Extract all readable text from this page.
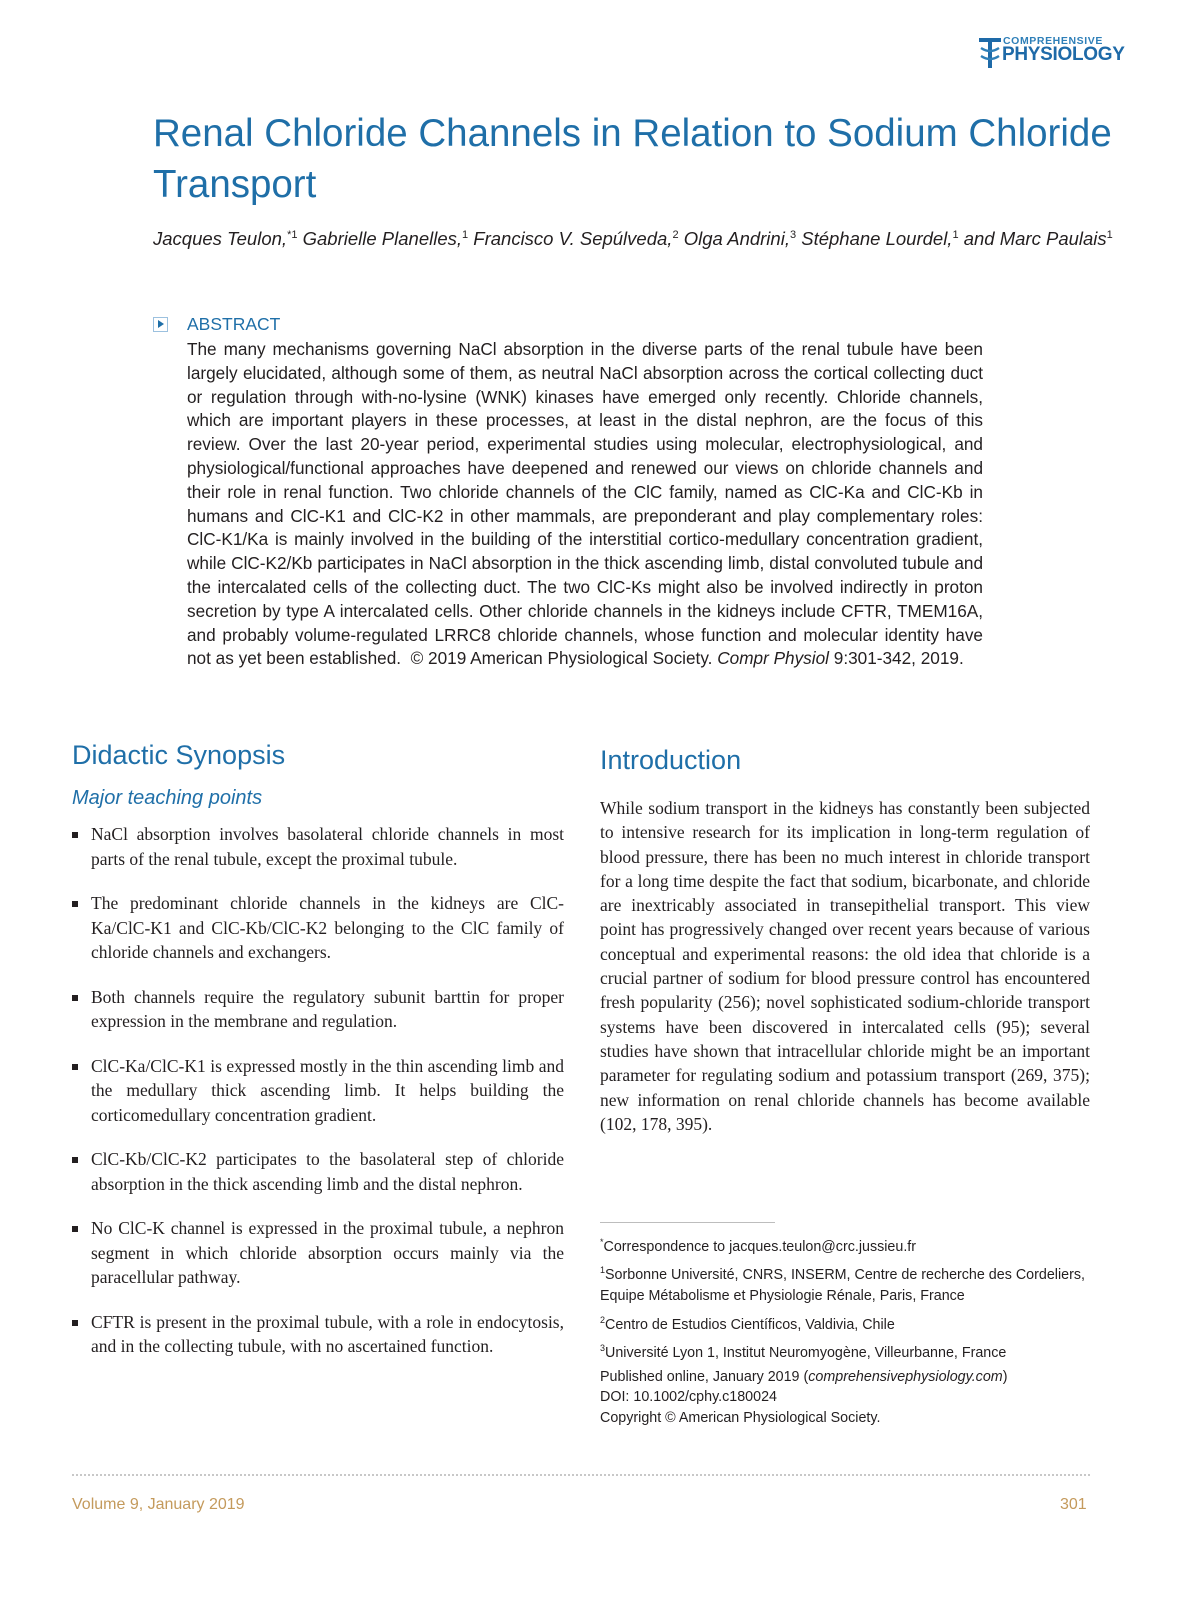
COMPREHENSIVE
PHYSIOLOGY
Renal Chloride Channels in Relation to Sodium Chloride Transport

Jacques Teulon,$^{*1}$ Gabrielle Planelles,$^1$ Francisco V. Sepúlveda,$^2$ Olga Andrini,$^3$ Stéphane Lourdel,$^1$ and Marc Paulais$^1$

ABSTRACT

The many mechanisms governing NaCl absorption in the diverse parts of the renal tubule have been largely elucidated, although some of them, as neutral NaCl absorption across the cortical collecting duct or regulation through with-no-lysine (WNK) kinases have emerged only recently. Chloride channels, which are important players in these processes, at least in the distal nephron, are the focus of this review. Over the last 20-year period, experimental studies using molecular, electrophysiological, and physiological/functional approaches have deepened and renewed our views on chloride channels and their role in renal function. Two chloride channels of the ClC family, named as ClC-Ka and ClC-Kb in humans and ClC-K1 and ClC-K2 in other mammals, are preponderant and play complementary roles: ClC-K1/Ka is mainly involved in the building of the interstitial cortico-medullary concentration gradient, while ClC-K2/Kb participates in NaCl absorption in the thick ascending limb, distal convoluted tubule and the intercalated cells of the collecting duct. The two ClC-Ks might also be involved indirectly in proton secretion by type A intercalated cells. Other chloride channels in the kidneys include CFTR, TMEM16A, and probably volume-regulated LRRC8 chloride channels, whose function and molecular identity have not as yet been established. © 2019 American Physiological Society. Compr Physiol 9:301-342, 2019.

Didactic Synopsis
Major teaching points
NaCl absorption involves basolateral chloride channels in most parts of the renal tubule, except the proximal tubule.
The predominant chloride channels in the kidneys are ClC-Ka/ClC-K1 and ClC-Kb/ClC-K2 belonging to the ClC family of chloride channels and exchangers.
Both channels require the regulatory subunit barttin for proper expression in the membrane and regulation.
ClC-Ka/ClC-K1 is expressed mostly in the thin ascending limb and the medullary thick ascending limb. It helps building the corticomedullary concentration gradient.
ClC-Kb/ClC-K2 participates to the basolateral step of chloride absorption in the thick ascending limb and the distal nephron.
No ClC-K channel is expressed in the proximal tubule, a nephron segment in which chloride absorption occurs mainly via the paracellular pathway.
CFTR is present in the proximal tubule, with a role in endocytosis, and in the collecting tubule, with no ascertained function.
Introduction

While sodium transport in the kidneys has constantly been subjected to intensive research for its implication in long-term regulation of blood pressure, there has been no much interest in chloride transport for a long time despite the fact that sodium, bicarbonate, and chloride are inextricably associated in transepithelial transport. This view point has progressively changed over recent years because of various conceptual and experimental reasons: the old idea that chloride is a crucial partner of sodium for blood pressure control has encountered fresh popularity (256); novel sophisticated sodium-chloride transport systems have been discovered in intercalated cells (95); several studies have shown that intracellular chloride might be an important parameter for regulating sodium and potassium transport (269, 375); new information on renal chloride channels has become available (102, 178, 395).

*Correspondence to jacques.teulon@crc.jussieu.fr

$^1$Sorbonne Université, CNRS, INSERM, Centre de recherche des Cordeliers, Equipe Métabolisme et Physiologie Rénale, Paris, France

$^2$Centro de Estudios Científicos, Valdivia, Chile

$^3$Université Lyon 1, Institut Neuromyogène, Villeurbanne, France

Published online, January 2019 (comprehensivephysiology.com)
DOI: 10.1002/cphy.c180024
Copyright © American Physiological Society.

Volume 9, January 2019	301
